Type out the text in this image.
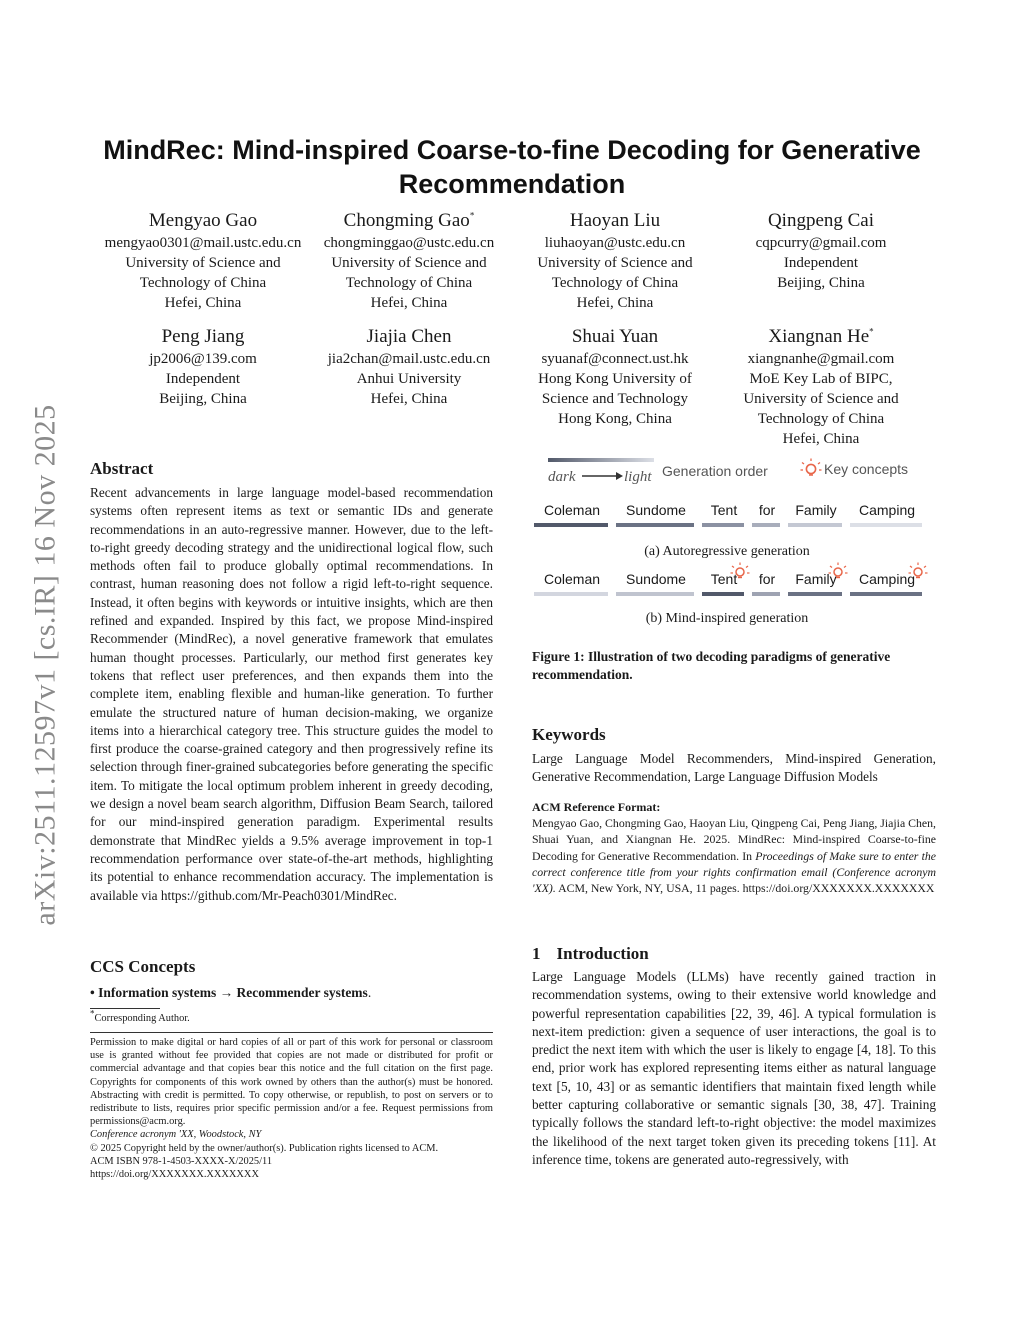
arXiv:2511.12597v1 [cs.IR] 16 Nov 2025
MindRec: Mind-inspired Coarse-to-fine Decoding for Generative
Recommendation
Mengyao Gao
mengyao0301@mail.ustc.edu.cn
University of Science and
Technology of China
Hefei, China
Chongming Gao*
chongminggao@ustc.edu.cn
University of Science and
Technology of China
Hefei, China
Haoyan Liu
liuhaoyan@ustc.edu.cn
University of Science and
Technology of China
Hefei, China
Qingpeng Cai
cqpcurry@gmail.com
Independent
Beijing, China
Peng Jiang
jp2006@139.com
Independent
Beijing, China
Jiajia Chen
jia2chan@mail.ustc.edu.cn
Anhui University
Hefei, China
Shuai Yuan
syuanaf@connect.ust.hk
Hong Kong University of
Science and Technology
Hong Kong, China
Xiangnan He*
xiangnanhe@gmail.com
MoE Key Lab of BIPC,
University of Science and
Technology of China
Hefei, China
Abstract

Recent advancements in large language model-based recommendation systems often represent items as text or semantic IDs and generate recommendations in an auto-regressive manner. However, due to the left-to-right greedy decoding strategy and the unidirectional logical flow, such methods often fail to produce globally optimal recommendations. In contrast, human reasoning does not follow a rigid left-to-right sequence. Instead, it often begins with keywords or intuitive insights, which are then refined and expanded. Inspired by this fact, we propose Mind-inspired Recommender (MindRec), a novel generative framework that emulates human thought processes. Particularly, our method first generates key tokens that reflect user preferences, and then expands them into the complete item, enabling flexible and human-like generation. To further emulate the structured nature of human decision-making, we organize items into a hierarchical category tree. This structure guides the model to first produce the coarse-grained category and then progressively refine its selection through finer-grained subcategories before generating the specific item. To mitigate the local optimum problem inherent in greedy decoding, we design a novel beam search algorithm, Diffusion Beam Search, tailored for our mind-inspired generation paradigm. Experimental results demonstrate that MindRec yields a 9.5% average improvement in top-1 recommendation performance over state-of-the-art methods, highlighting its potential to enhance recommendation accuracy. The implementation is available via https://github.com/Mr-Peach0301/MindRec.

CCS Concepts

• Information systems → Recommender systems.

*Corresponding Author.

Permission to make digital or hard copies of all or part of this work for personal or classroom use is granted without fee provided that copies are not made or distributed for profit or commercial advantage and that copies bear this notice and the full citation on the first page. Copyrights for components of this work owned by others than the author(s) must be honored. Abstracting with credit is permitted. To copy otherwise, or republish, to post on servers or to redistribute to lists, requires prior specific permission and/or a fee. Request permissions from permissions@acm.org.

Conference acronym 'XX, Woodstock, NY

© 2025 Copyright held by the owner/author(s). Publication rights licensed to ACM.

ACM ISBN 978-1-4503-XXXX-X/2025/11

https://doi.org/XXXXXXX.XXXXXXX

dark	light Generation order	Key concepts
Coleman Sundome Tent for Family Camping
(a) Autoregressive generation
Coleman Sundome Tent for Family Camping
(b) Mind-inspired generation

Figure 1: Illustration of two decoding paradigms of generative recommendation.

Keywords

Large Language Model Recommenders, Mind-inspired Generation, Generative Recommendation, Large Language Diffusion Models

ACM Reference Format:

Mengyao Gao, Chongming Gao, Haoyan Liu, Qingpeng Cai, Peng Jiang, Jiajia Chen, Shuai Yuan, and Xiangnan He. 2025. MindRec: Mind-inspired Coarse-to-fine Decoding for Generative Recommendation. In Proceedings of Make sure to enter the correct conference title from your rights confirmation email (Conference acronym 'XX). ACM, New York, NY, USA, 11 pages. https://doi.org/XXXXXXX.XXXXXXX

1 Introduction

Large Language Models (LLMs) have recently gained traction in recommendation systems, owing to their extensive world knowledge and powerful representation capabilities [22, 39, 46]. A typical formulation is next-item prediction: given a sequence of user interactions, the goal is to predict the next item with which the user is likely to engage [4, 18]. To this end, prior work has explored representing items either as natural language text [5, 10, 43] or as semantic identifiers that maintain fixed length while better capturing collaborative or semantic signals [30, 38, 47]. Training typically follows the standard left-to-right objective: the model maximizes the likelihood of the next target token given its preceding tokens [11]. At inference time, tokens are generated auto-regressively, with
